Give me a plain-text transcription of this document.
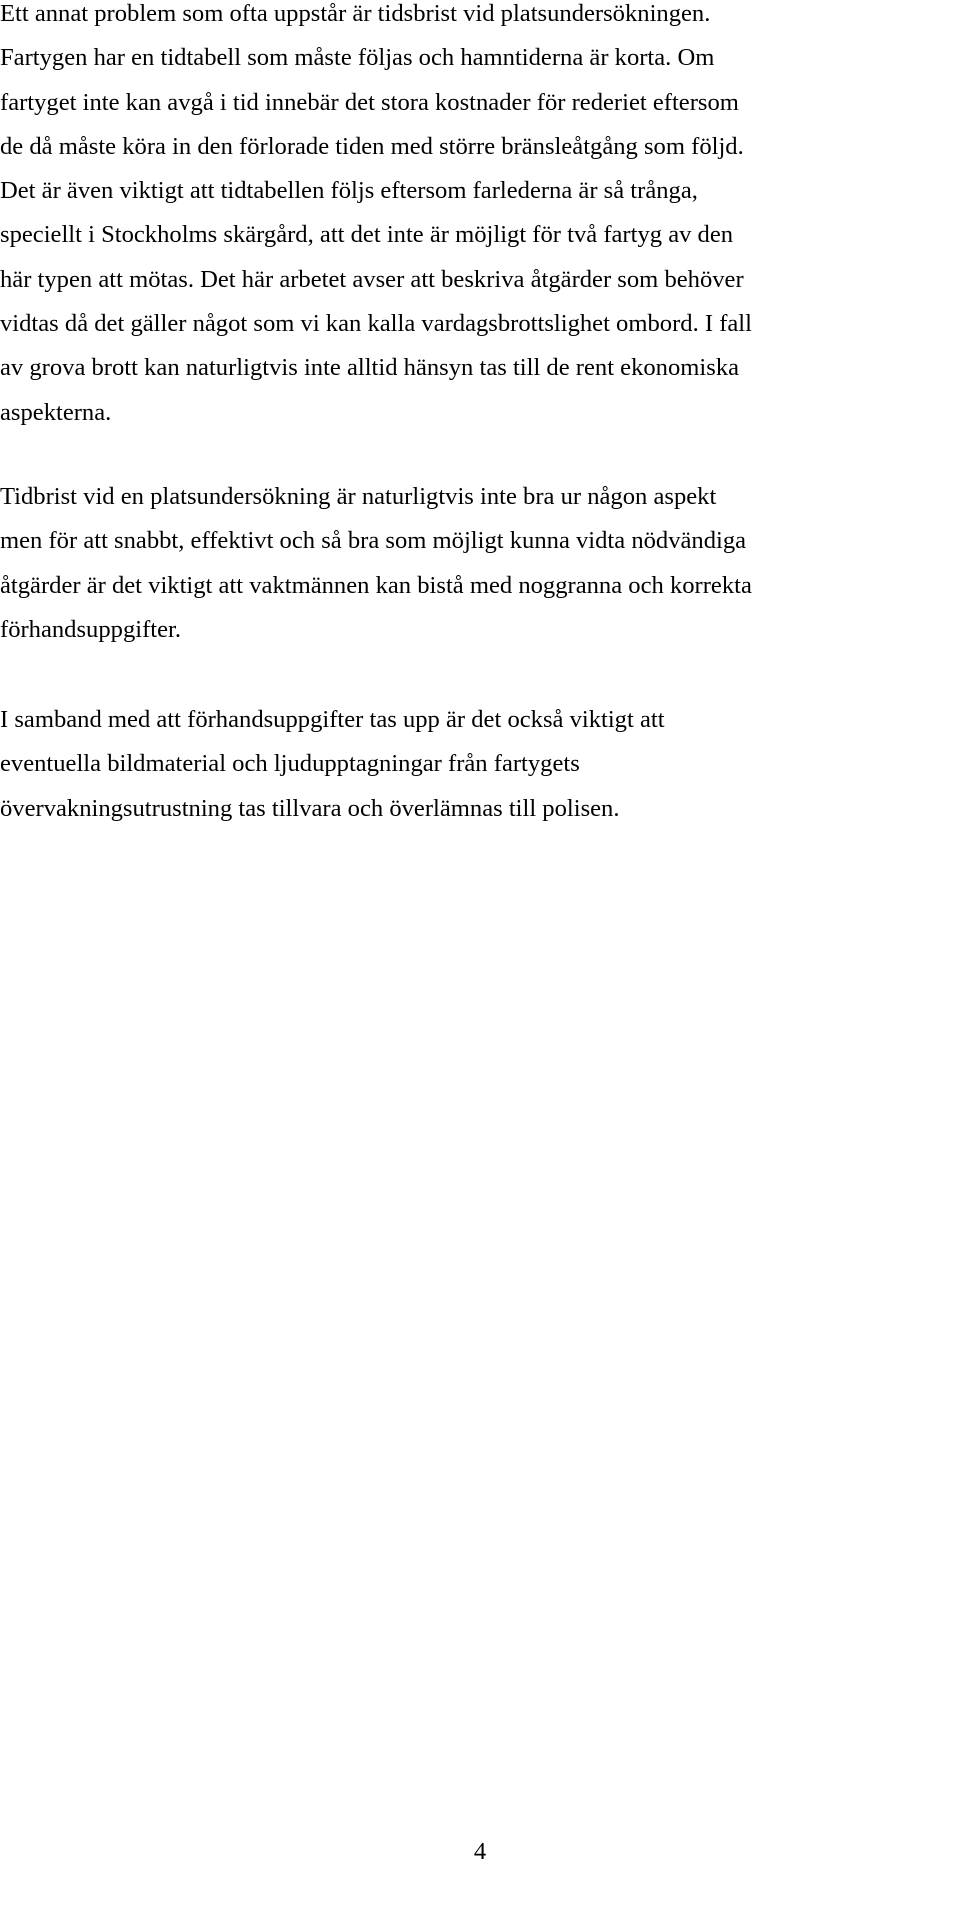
Ett annat problem som ofta uppstår är tidsbrist vid platsundersökningen.
Fartygen har en tidtabell som måste följas och hamntiderna är korta. Om
fartyget inte kan avgå i tid innebär det stora kostnader för rederiet eftersom
de då måste köra in den förlorade tiden med större bränsleåtgång som följd.
Det är även viktigt att tidtabellen följs eftersom farlederna är så trånga,
speciellt i Stockholms skärgård, att det inte är möjligt för två fartyg av den
här typen att mötas. Det här arbetet avser att beskriva åtgärder som behöver
vidtas då det gäller något som vi kan kalla vardagsbrottslighet ombord. I fall
av grova brott kan naturligtvis inte alltid hänsyn tas till de rent ekonomiska
aspekterna.

Tidbrist vid en platsundersökning är naturligtvis inte bra ur någon aspekt
men för att snabbt, effektivt och så bra som möjligt kunna vidta nödvändiga
åtgärder är det viktigt att vaktmännen kan bistå med noggranna och korrekta
förhandsuppgifter.

I samband med att förhandsuppgifter tas upp är det också viktigt att
eventuella bildmaterial och ljudupptagningar från fartygets
övervakningsutrustning tas tillvara och överlämnas till polisen.

4
